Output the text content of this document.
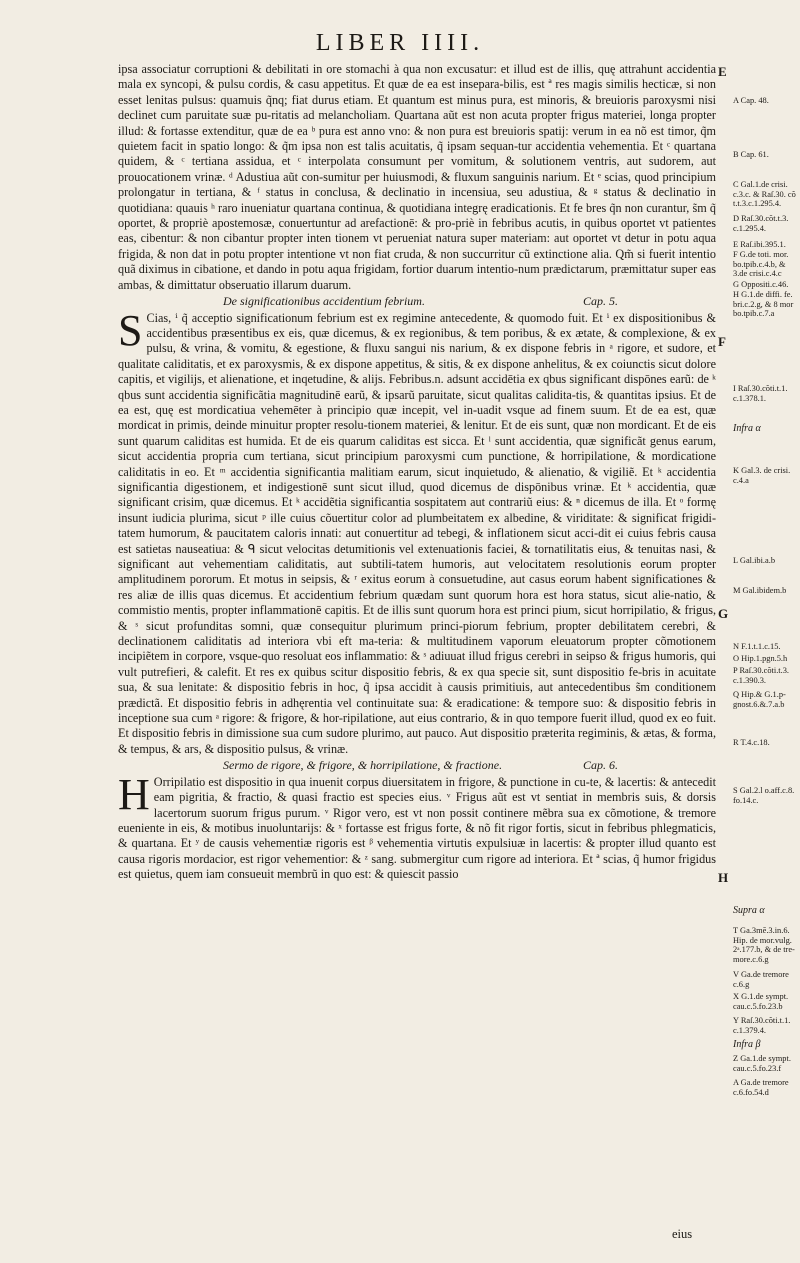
LIBER IIII.

ipsa associatur corruptioni & debilitati in ore stomachi à qua non excusatur: et illud est de illis, quę attrahunt accidentia mala ex syncopi, & pulsu cordis, & casu appetitus. Et quæ de ea est insepara-bilis, est ª res magis similis hecticæ, si non esset lenitas pulsus: quamuis q̃nq; fiat durus etiam. Et quantum est minus pura, est minoris, & breuioris paroxysmi nisi declinet cum paruitate suæ pu-ritatis ad melancholiam. Quartana aũt est non acuta propter frigus materiei, longa propter illud: & fortasse extenditur, quæ de ea ᵇ pura est anno vno: & non pura est breuioris spatij: verum in ea nõ est timor, q̃m quietem facit in spatio longo: & q̃m ipsa non est talis acuitatis, q̃ ipsam sequan-tur accidentia vehementia. Et ᶜ quartana quidem, & ᶜ tertiana assidua, et ᶜ interpolata consumunt per vomitum, & solutionem ventris, aut sudorem, aut prouocationem vrinæ. ᵈ Adustiua aũt con-sumitur per huiusmodi, & fluxum sanguinis narium. Et ᵉ scias, quod principium prolongatur in tertiana, & ᶠ status in conclusa, & declinatio in incensiua, seu adustiua, & ᵍ status & declinatio in quotidiana: quauis ʰ raro inueniatur quartana continua, & quotidiana integrę eradicationis. Et fe bres q̃n non curantur, s̃m q̃ oportet, & propriè apostemosæ, conuertuntur ad arefactionē: & pro-priè in febribus acutis, in quibus oportet vt patientes eas, cibentur: & non cibantur propter inten tionem vt perueniat natura super materiam: aut oportet vt detur in potu aqua frigida, & non dat in potu propter intentione vt non fiat cruda, & non succurritur cũ extinctione alia. Qm̃ si fuerit intentio quã diximus in cibatione, et dando in potu aqua frigidam, fortior duarum intentio-num prædictarum, præmittatur super eas ambas, & dimittatur obseruatio illarum duarum.

De significationibus accidentium febrium.	Cap. 5.

S Cias, ⁱ q̃ acceptio significationum febrium est ex regimine antecedente, & quomodo fuit. Et ⁱ ex dispositionibus & accidentibus præsentibus ex eis, quæ dicemus, & ex regionibus, & tem poribus, & ex ætate, & complexione, & ex pulsu, & vrina, & vomitu, & egestione, & fluxu sangui nis narium, & ex dispone febris in ᵃ rigore, et sudore, et qualitate caliditatis, et ex paroxysmis, & ex dispone appetitus, & sitis, & ex dispone anhelitus, & ex coiunctis sicut dolore capitis, et vigilijs, et alienatione, et inqetudine, & alijs. Febribus.n. adsunt accidētia ex qbus significant dispōnes earũ: de ᵏ qbus sunt accidentia significãtia magnitudinē earũ, & ipsarũ paruitate, sicut qualitas calidita-tis, & quantitas ipsius. Et de ea est, quę est mordicatiua vehemēter à principio quæ incepit, vel in-uadit vsque ad finem suum. Et de ea est, quæ mordicat in primis, deinde minuitur propter resolu-tionem materiei, & lenitur. Et de eis sunt, quæ non mordicant. Et de eis sunt quarum caliditas est humida. Et de eis quarum caliditas est sicca. Et ˡ sunt accidentia, quæ significãt genus earum, sicut accidentia propria cum tertiana, sicut principium paroxysmi cum punctione, & horripilatione, & mordicatione caliditatis in eo. Et ᵐ accidentia significantia malitiam earum, sicut inquietudo, & alienatio, & vigiliẽ. Et ᵏ accidentia significantia digestionem, et indigestionē sunt sicut illud, quod dicemus de dispōnibus vrinæ. Et ᵏ accidentia, quæ significant crisim, quæ dicemus. Et ᵏ accidẽtia significantia sospitatem aut contrariũ eius: & ⁿ dicemus de illa. Et ᵒ formę insunt iudicia plurima, sicut ᵖ ille cuius cõuertitur color ad plumbeitatem ex albedine, & viriditate: & significat frigidi-tatem humorum, & paucitatem caloris innati: aut conuertitur ad tebegi, & inflationem sicut acci-dit ei cuius febris causa est satietas nauseatiua: & ᑫ sicut velocitas detumitionis vel extenuationis faciei, & tornatilitatis eius, & tenuitas nasi, & significant aut vehementiam caliditatis, aut subtili-tatem humoris, aut velocitatem resolutionis eorum propter amplitudinem pororum. Et motus in seipsis, & ʳ exitus eorum à consuetudine, aut casus eorum habent significationes & res aliæ de illis quas dicemus. Et accidentium febrium quædam sunt quorum hora est hora status, sicut alie-natio, & commistio mentis, propter inflammationē capitis. Et de illis sunt quorum hora est princi pium, sicut horripilatio, & frigus, & ˢ sicut profunditas somni, quæ consequitur plurimum princi-piorum febrium, propter debilitatem cerebri, & declinationem caliditatis ad interiora vbi eft ma-teria: & multitudinem vaporum eleuatorum propter cõmotionem incipiẽtem in corpore, vsque-quo resoluat eos inflammatio: & ˢ adiuuat illud frigus cerebri in seipso & frigus humoris, qui vult putrefieri, & calefit. Et res ex quibus scitur dispositio febris, & ex qua specie sit, sunt dispositio fe-bris in acuitate sua, & sua lenitate: & dispositio febris in hoc, q̃ ipsa accidit à causis primitiuis, aut antecedentibus s̃m conditionem prædictã. Et dispositio febris in adhęrentia vel continuitate sua: & eradicatione: & tempore suo: & dispositio febris in inceptione sua cum ᵃ rigore: & frigore, & hor-ripilatione, aut eius contrario, & in quo tempore fuerit illud, quod ex eo fuit. Et dispositio febris in dimissione sua cum sudore plurimo, aut pauco. Aut dispositio præterita regiminis, & ætas, & forma, & tempus, & ars, & dispositio pulsus, & vrinæ.

Sermo de rigore, & frigore, & horripilatione, & fractione.	Cap. 6.

H Orripilatio est dispositio in qua inuenit corpus diuersitatem in frigore, & punctione in cu-te, & lacertis: & antecedit eam pigritia, & fractio, & quasi fractio est species eius. ᵛ Frigus aũt est vt sentiat in membris suis, & dorsis lacertorum suorum frigus purum. ᵛ Rigor vero, est vt non possit continere mẽbra sua ex cõmotione, & tremore eueniente in eis, & motibus inuoluntarijs: & ˣ fortasse est frigus forte, & nõ fit rigor fortis, sicut in febribus phlegmaticis, & quartana. Et ʸ de causis vehementiæ rigoris est ᵝ vehementia virtutis expulsiuæ in lacertis: & propter illud quanto est causa rigoris mordacior, est rigor vehementior: & ᶻ sang. submergitur cum rigore ad interiora. Et ª scias, q̃ humor frigidus est quietus, quem iam consueuit membrũ in quo est: & quiescit passio

E
F
G
H
A Cap. 48.
B Cap. 61.
C Gal.1.de crisi. c.3.c. & Raſ.30. cõ t.t.3.c.1.295.4.
D Raſ.30.cõt.t.3. c.1.295.4.
E Raſ.ibi.395.1.
F G.de toti. mor. bo.tpib.c.4.b, & 3.de crisi.c.4.c
G Oppositi.c.46.
H G.1.de diffi. fe. bri.c.2.g, & 8 mor bo.tpib.c.7.a
I Raſ.30.cõti.t.1. c.1.378.1.
Infra α
K Gal.3. de crisi. c.4.a
L Gal.ibi.a.b
M Gal.ibidem.b
N F.1.t.1.c.15.
O Hip.1.pgn.5.h
P Raſ.30.cõti.t.3. c.1.390.3.
Q Hip.& G.1.p-gnost.6.&.7.a.b
R T.4.c.18.
S Gal.2.l o.aff.c.8. fo.14.c.
Supra α
T Ga.3mē.3.in.6. Hip. de mor.vulg. 2ᵃ.177.b, & de tre-more.c.6.g
V Ga.de tremore c.6.g
X G.1.de sympt. cau.c.5.fo.23.b
Y Raſ.30.cõti.t.1. c.1.379.4.
Infra β
Z Ga.1.de sympt. cau.c.5.fo.23.f
A Ga.de tremore c.6.fo.54.d
eius
